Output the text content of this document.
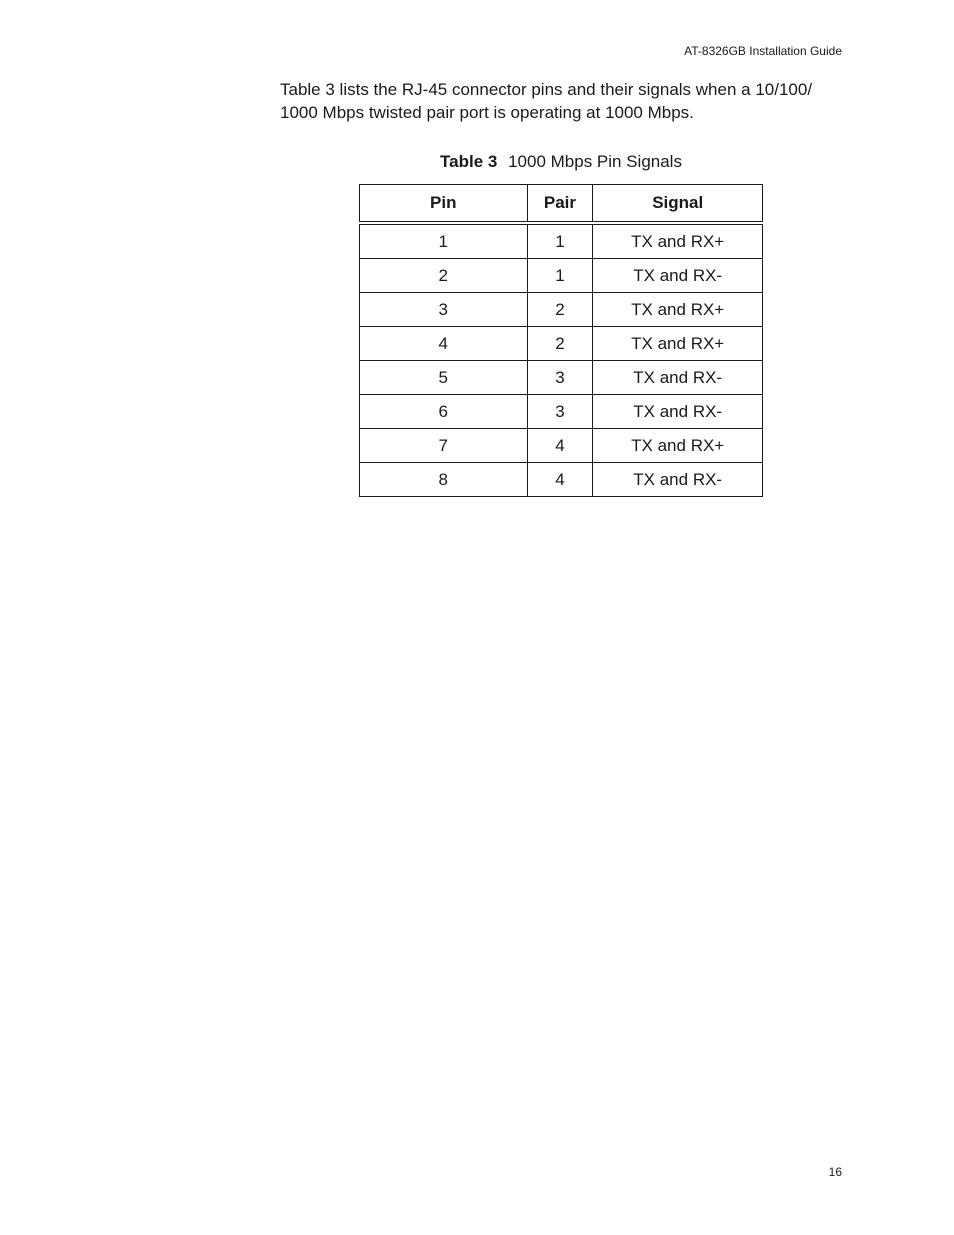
AT-8326GB Installation Guide

Table 3 lists the RJ-45 connector pins and their signals when a 10/100/ 1000 Mbps twisted pair port is operating at 1000 Mbps.

Table 3 1000 Mbps Pin Signals
Pin	Pair	Signal
1	1	TX and RX+
2	1	TX and RX-
3	2	TX and RX+
4	2	TX and RX+
5	3	TX and RX-
6	3	TX and RX-
7	4	TX and RX+
8	4	TX and RX-
16
